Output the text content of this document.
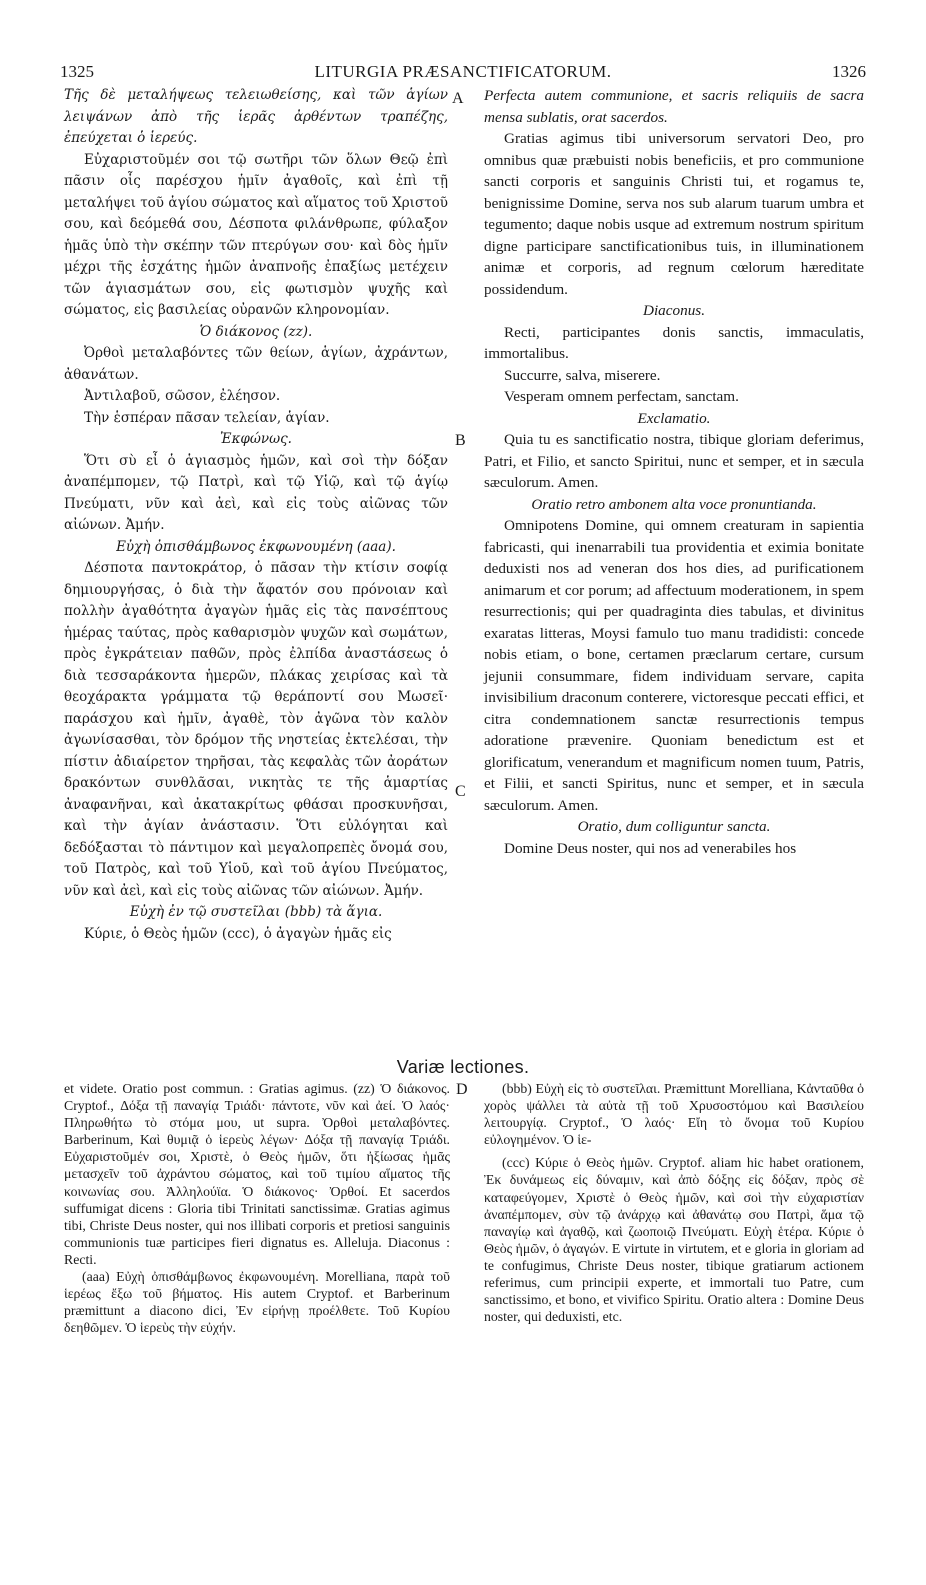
1325	LITURGIA PRÆSANCTIFICATORUM.	1326
A
B
C
D

Τῆς δὲ μεταλήψεως τελειωθείσης, καὶ τῶν ἁγίων λειψάνων ἀπὸ τῆς ἱερᾶς ἀρθέντων τραπέζης, ἐπεύχεται ὁ ἱερεύς.

Εὐχαριστοῦμέν σοι τῷ σωτῆρι τῶν ὅλων Θεῷ ἐπὶ πᾶσιν οἷς παρέσχου ἡμῖν ἀγαθοῖς, καὶ ἐπὶ τῇ μεταλήψει τοῦ ἁγίου σώματος καὶ αἵματος τοῦ Χριστοῦ σου, καὶ δεόμεθά σου, Δέσποτα φιλάνθρωπε, φύλαξον ἡμᾶς ὑπὸ τὴν σκέπην τῶν πτερύγων σου· καὶ δὸς ἡμῖν μέχρι τῆς ἐσχάτης ἡμῶν ἀναπνοῆς ἐπαξίως μετέχειν τῶν ἁγιασμάτων σου, εἰς φωτισμὸν ψυχῆς καὶ σώματος, εἰς βασιλείας οὐρανῶν κληρονομίαν.

Ὁ διάκονος (zz).

Ὀρθοὶ μεταλαβόντες τῶν θείων, ἁγίων, ἀχράντων, ἀθανάτων.

Ἀντιλαβοῦ, σῶσον, ἐλέησον.

Τὴν ἑσπέραν πᾶσαν τελείαν, ἁγίαν.

Ἐκφώνως.

Ὅτι σὺ εἶ ὁ ἁγιασμὸς ἡμῶν, καὶ σοὶ τὴν δόξαν ἀναπέμπομεν, τῷ Πατρὶ, καὶ τῷ Υἱῷ, καὶ τῷ ἁγίῳ Πνεύματι, νῦν καὶ ἀεὶ, καὶ εἰς τοὺς αἰῶνας τῶν αἰώνων. Ἀμήν.

Εὐχὴ ὀπισθάμβωνος ἐκφωνουμένη (aaa).

Δέσποτα παντοκράτορ, ὁ πᾶσαν τὴν κτίσιν σοφίᾳ δημιουργήσας, ὁ διὰ τὴν ἄφατόν σου πρόνοιαν καὶ πολλὴν ἀγαθότητα ἀγαγὼν ἡμᾶς εἰς τὰς πανσέπτους ἡμέρας ταύτας, πρὸς καθαρισμὸν ψυχῶν καὶ σωμάτων, πρὸς ἐγκράτειαν παθῶν, πρὸς ἐλπίδα ἀναστάσεως ὁ διὰ τεσσαράκοντα ἡμερῶν, πλάκας χειρίσας καὶ τὰ θεοχάρακτα γράμματα τῷ θεράποντί σου Μωσεῖ· παράσχου καὶ ἡμῖν, ἀγαθὲ, τὸν ἀγῶνα τὸν καλὸν ἀγωνίσασθαι, τὸν δρόμον τῆς νηστείας ἐκτελέσαι, τὴν πίστιν ἀδιαίρετον τηρῆσαι, τὰς κεφαλὰς τῶν ἀοράτων δρακόντων συνθλᾶσαι, νικητὰς τε τῆς ἁμαρτίας ἀναφανῆναι, καὶ ἀκατακρίτως φθάσαι προσκυνῆσαι, καὶ τὴν ἁγίαν ἀνάστασιν. Ὅτι εὐλόγηται καὶ δεδόξασται τὸ πάντιμον καὶ μεγαλοπρεπὲς ὄνομά σου, τοῦ Πατρὸς, καὶ τοῦ Υἱοῦ, καὶ τοῦ ἁγίου Πνεύματος, νῦν καὶ ἀεὶ, καὶ εἰς τοὺς αἰῶνας τῶν αἰώνων. Ἀμήν.

Εὐχὴ ἐν τῷ συστεῖλαι (bbb) τὰ ἅγια.

Κύριε, ὁ Θεὸς ἡμῶν (ccc), ὁ ἀγαγὼν ἡμᾶς εἰς

Perfecta autem communione, et sacris reliquiis de sacra mensa sublatis, orat sacerdos.

Gratias agimus tibi universorum servatori Deo, pro omnibus quæ præbuisti nobis beneficiis, et pro communione sancti corporis et sanguinis Christi tui, et rogamus te, benignissime Domine, serva nos sub alarum tuarum umbra et tegumento; daque nobis usque ad extremum nostrum spiritum digne participare sanctificationibus tuis, in illuminationem animæ et corporis, ad regnum cœlorum hæreditate possidendum.

Diaconus.

Recti, participantes donis sanctis, immaculatis, immortalibus.

Succurre, salva, miserere.

Vesperam omnem perfectam, sanctam.

Exclamatio.

Quia tu es sanctificatio nostra, tibique gloriam deferimus, Patri, et Filio, et sancto Spiritui, nunc et semper, et in sæcula sæculorum. Amen.

Oratio retro ambonem alta voce pronuntianda.

Omnipotens Domine, qui omnem creaturam in sapientia fabricasti, qui inenarrabili tua providentia et eximia bonitate deduxisti nos ad veneran dos hos dies, ad purificationem animarum et cor porum; ad affectuum moderationem, in spem resurrectionis; qui per quadraginta dies tabulas, et divinitus exaratas litteras, Moysi famulo tuo manu tradidisti: concede nobis etiam, o bone, certamen præclarum certare, cursum jejunii consummare, fidem individuam servare, capita invisibilium draconum conterere, victoresque peccati effici, et citra condemnationem sanctæ resurrectionis tempus adoratione prævenire. Quoniam benedictum est et glorificatum, venerandum et magnificum nomen tuum, Patris, et Filii, et sancti Spiritus, nunc et semper, et in sæcula sæculorum. Amen.

Oratio, dum colliguntur sancta.

Domine Deus noster, qui nos ad venerabiles hos

Variæ lectiones.

et videte. Oratio post commun. : Gratias agimus. (zz) Ὁ διάκονος. Cryptof., Δόξα τῇ παναγίᾳ Τριάδι· πάντοτε, νῦν καὶ ἀεί. Ὁ λαός· Πληρωθήτω τὸ στόμα μου, ut supra. Ὀρθοὶ μεταλαβόντες. Barberinum, Καὶ θυμιᾷ ὁ ἱερεὺς λέγων· Δόξα τῇ παναγίᾳ Τριάδι. Εὐχαριστοῦμέν σοι, Χριστὲ, ὁ Θεὸς ἡμῶν, ὅτι ἠξίωσας ἡμᾶς μετασχεῖν τοῦ ἀχράντου σώματος, καὶ τοῦ τιμίου αἵματος τῆς κοινωνίας σου. Ἀλληλούϊα. Ὁ διάκονος· Ὀρθοί. Et sacerdos suffumigat dicens : Gloria tibi Trinitati sanctissimæ. Gratias agimus tibi, Christe Deus noster, qui nos illibati corporis et pretiosi sanguinis communionis tuæ participes fieri dignatus es. Alleluja. Diaconus : Recti.

(aaa) Εὐχὴ ὀπισθάμβωνος ἐκφωνουμένη. Morelliana, παρὰ τοῦ ἱερέως ἔξω τοῦ βήματος. His autem Cryptof. et Barberinum præmittunt a diacono dici, Ἐν εἰρήνῃ προέλθετε. Τοῦ Κυρίου δεηθῶμεν. Ὁ ἱερεὺς τὴν εὐχήν.

(bbb) Εὐχὴ εἰς τὸ συστεῖλαι. Præmittunt Morelliana, Κἀνταῦθα ὁ χορὸς ψάλλει τὰ αὐτὰ τῇ τοῦ Χρυσοστόμου καὶ Βασιλείου λειτουργίᾳ. Cryptof., Ὁ λαός· Εἴη τὸ ὄνομα τοῦ Κυρίου εὐλογημένον. Ὁ ἱε-

(ccc) Κύριε ὁ Θεὸς ἡμῶν. Cryptof. aliam hic habet orationem, Ἐκ δυνάμεως εἰς δύναμιν, καὶ ἀπὸ δόξης εἰς δόξαν, πρὸς σὲ καταφεύγομεν, Χριστὲ ὁ Θεὸς ἡμῶν, καὶ σοὶ τὴν εὐχαριστίαν ἀναπέμπομεν, σὺν τῷ ἀνάρχῳ καὶ ἀθανάτῳ σου Πατρὶ, ἅμα τῷ παναγίῳ καὶ ἀγαθῷ, καὶ ζωοποιῷ Πνεύματι. Εὐχὴ ἑτέρα. Κύριε ὁ Θεὸς ἡμῶν, ὁ ἀγαγών. E virtute in virtutem, et e gloria in gloriam ad te confugimus, Christe Deus noster, tibique gratiarum actionem referimus, cum principii experte, et immortali tuo Patre, cum sanctissimo, et bono, et vivifico Spiritu. Oratio altera : Domine Deus noster, qui deduxisti, etc.
